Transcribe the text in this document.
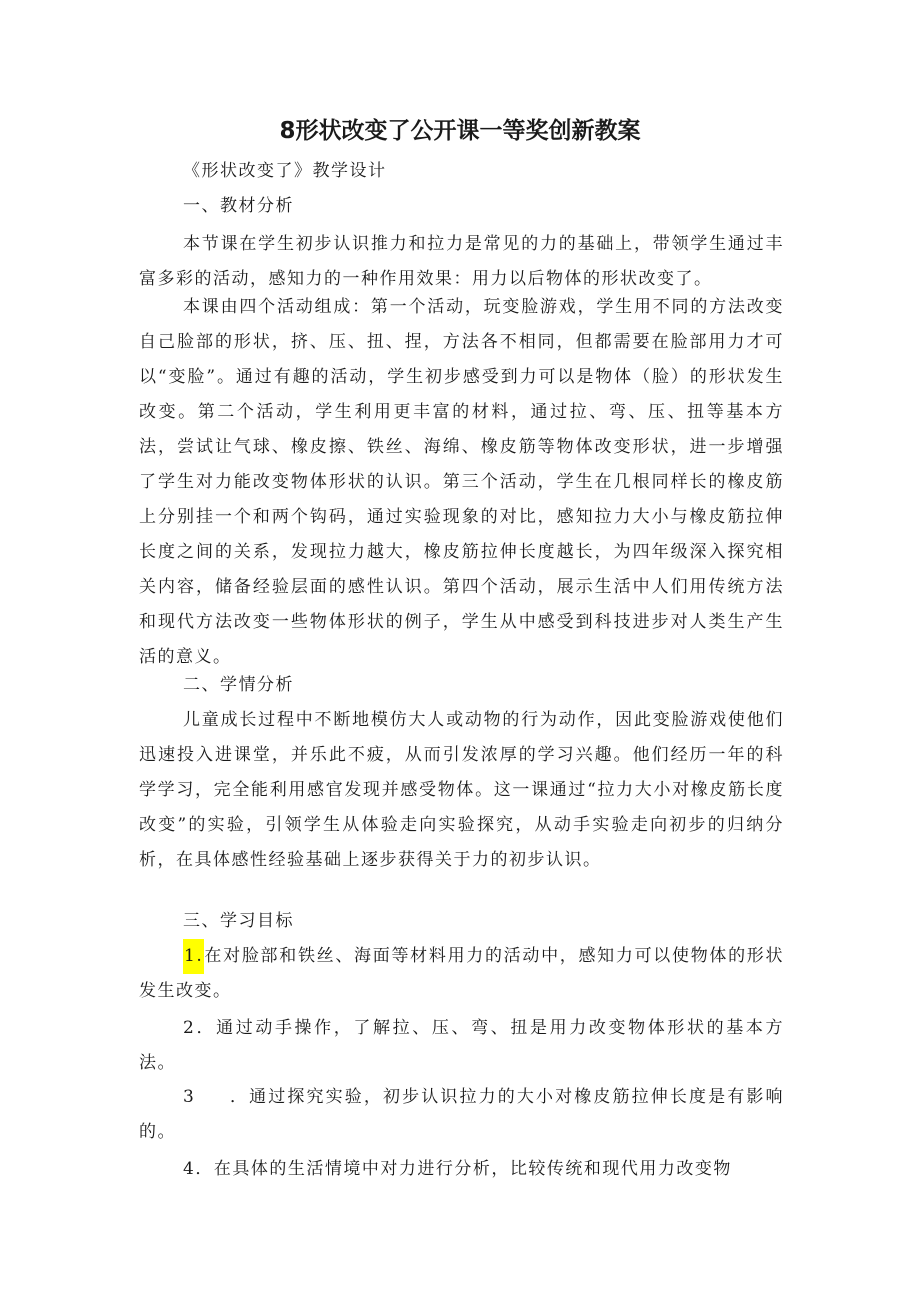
8形状改变了公开课一等奖创新教案
《形状改变了》教学设计
一、教材分析
本节课在学生初步认识推力和拉力是常见的力的基础上，带领学生通过丰富多彩的活动，感知力的一种作用效果：用力以后物体的形状改变了。
本课由四个活动组成：第一个活动，玩变脸游戏，学生用不同的方法改变自己脸部的形状，挤、压、扭、捏，方法各不相同，但都需要在脸部用力才可以“变脸”。通过有趣的活动，学生初步感受到力可以是物体（脸）的形状发生改变。第二个活动，学生利用更丰富的材料，通过拉、弯、压、扭等基本方法，尝试让气球、橡皮擦、铁丝、海绵、橡皮筋等物体改变形状，进一步增强了学生对力能改变物体形状的认识。第三个活动，学生在几根同样长的橡皮筋上分别挂一个和两个钩码，通过实验现象的对比，感知拉力大小与橡皮筋拉伸长度之间的关系，发现拉力越大，橡皮筋拉伸长度越长，为四年级深入探究相关内容，储备经验层面的感性认识。第四个活动，展示生活中人们用传统方法和现代方法改变一些物体形状的例子，学生从中感受到科技进步对人类生产生活的意义。
二、学情分析
儿童成长过程中不断地模仿大人或动物的行为动作，因此变脸游戏使他们迅速投入进课堂，并乐此不疲，从而引发浓厚的学习兴趣。他们经历一年的科学学习，完全能利用感官发现并感受物体。这一课通过“拉力大小对橡皮筋长度改变”的实验，引领学生从体验走向实验探究，从动手实验走向初步的归纳分析，在具体感性经验基础上逐步获得关于力的初步认识。
三、学习目标
1.在对脸部和铁丝、海面等材料用力的活动中，感知力可以使物体的形状发生改变。
2．通过动手操作，了解拉、压、弯、扭是用力改变物体形状的基本方法。
3 ．通过探究实验，初步认识拉力的大小对橡皮筋拉伸长度是有影响的。
4．在具体的生活情境中对力进行分析，比较传统和现代用力改变物
